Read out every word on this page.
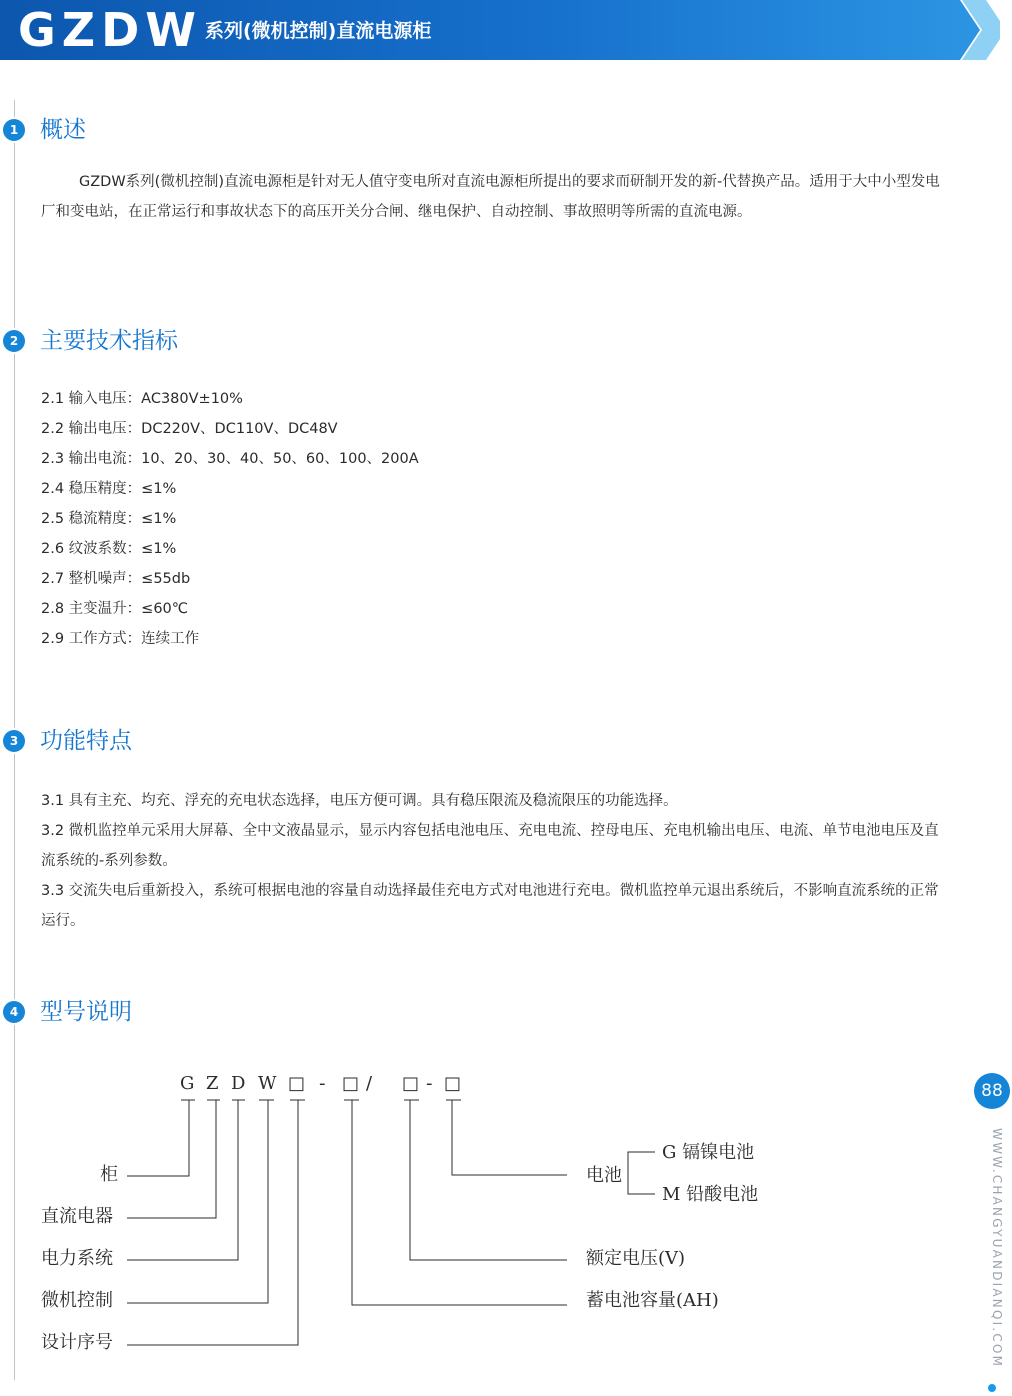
GZDW 系列(微机控制)直流电源柜
1 概述

GZDW系列(微机控制)直流电源柜是针对无人值守变电所对直流电源柜所提出的要求而研制开发的新-代替换产品。适用于大中小型发电厂和变电站，在正常运行和事故状态下的高压开关分合闸、继电保护、自动控制、事故照明等所需的直流电源。

2 主要技术指标
2.1 输入电压：AC380V±10%
2.2 输出电压：DC220V、DC110V、DC48V
2.3 输出电流：10、20、30、40、50、60、100、200A
2.4 稳压精度：≤1%
2.5 稳流精度：≤1%
2.6 纹波系数：≤1%
2.7 整机噪声：≤55db
2.8 主变温升：≤60℃
2.9 工作方式：连续工作
3 功能特点

3.1 具有主充、均充、浮充的充电状态选择，电压方便可调。具有稳压限流及稳流限压的功能选择。

3.2 微机监控单元采用大屏幕、全中文液晶显示，显示内容包括电池电压、充电电流、控母电压、充电机输出电压、电流、单节电池电压及直流系统的-系列参数。

3.3 交流失电后重新投入，系统可根据电池的容量自动选择最佳充电方式对电池进行充电。微机监控单元退出系统后，不影响直流系统的正常运行。

4 型号说明
G Z D W □ - □ / □ - □
柜
直流电器
电力系统
微机控制
设计序号
电池
G 镉镍电池
M 铅酸电池
额定电压(V)
蓄电池容量(AH)
88
WWW.CHANGYUANDIANQI.COM
